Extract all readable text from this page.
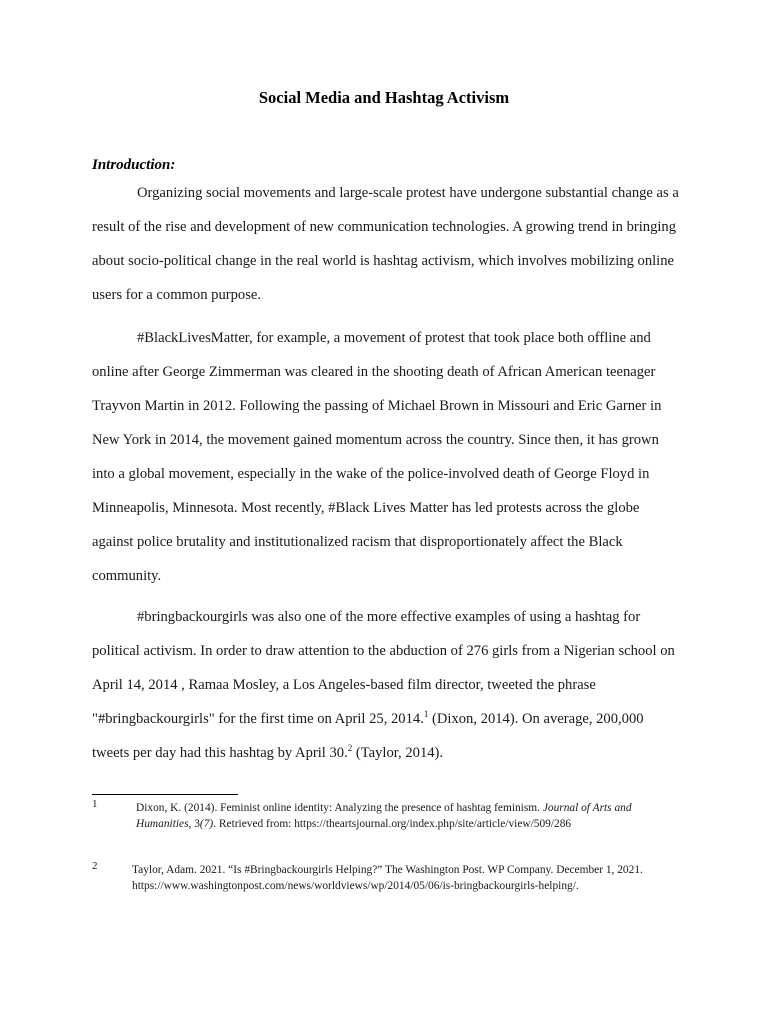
Social Media and Hashtag Activism
Introduction:

Organizing social movements and large-scale protest have undergone substantial change as a result of the rise and development of new communication technologies. A growing trend in bringing about socio-political change in the real world is hashtag activism, which involves mobilizing online users for a common purpose.

#BlackLivesMatter, for example, a movement of protest that took place both offline and online after George Zimmerman was cleared in the shooting death of African American teenager Trayvon Martin in 2012. Following the passing of Michael Brown in Missouri and Eric Garner in New York in 2014, the movement gained momentum across the country. Since then, it has grown into a global movement, especially in the wake of the police-involved death of George Floyd in Minneapolis, Minnesota. Most recently, #Black Lives Matter has led protests across the globe against police brutality and institutionalized racism that disproportionately affect the Black community.

#bringbackourgirls was also one of the more effective examples of using a hashtag for political activism. In order to draw attention to the abduction of 276 girls from a Nigerian school on April 14, 2014 , Ramaa Mosley, a Los Angeles-based film director, tweeted the phrase "#bringbackourgirls" for the first time on April 25, 2014.$^1$ (Dixon, 2014). On average, 200,000 tweets per day had this hashtag by April 30.$^2$ (Taylor, 2014).

1	Dixon, K. (2014). Feminist online identity: Analyzing the presence of hashtag feminism. Journal of Arts and Humanities, 3(7). Retrieved from: https://theartsjournal.org/index.php/site/article/view/509/286
2	Taylor, Adam. 2021. “Is #Bringbackourgirls Helping?” The Washington Post. WP Company. December 1, 2021. https://www.washingtonpost.com/news/worldviews/wp/2014/05/06/is-bringbackourgirls-helping/.
